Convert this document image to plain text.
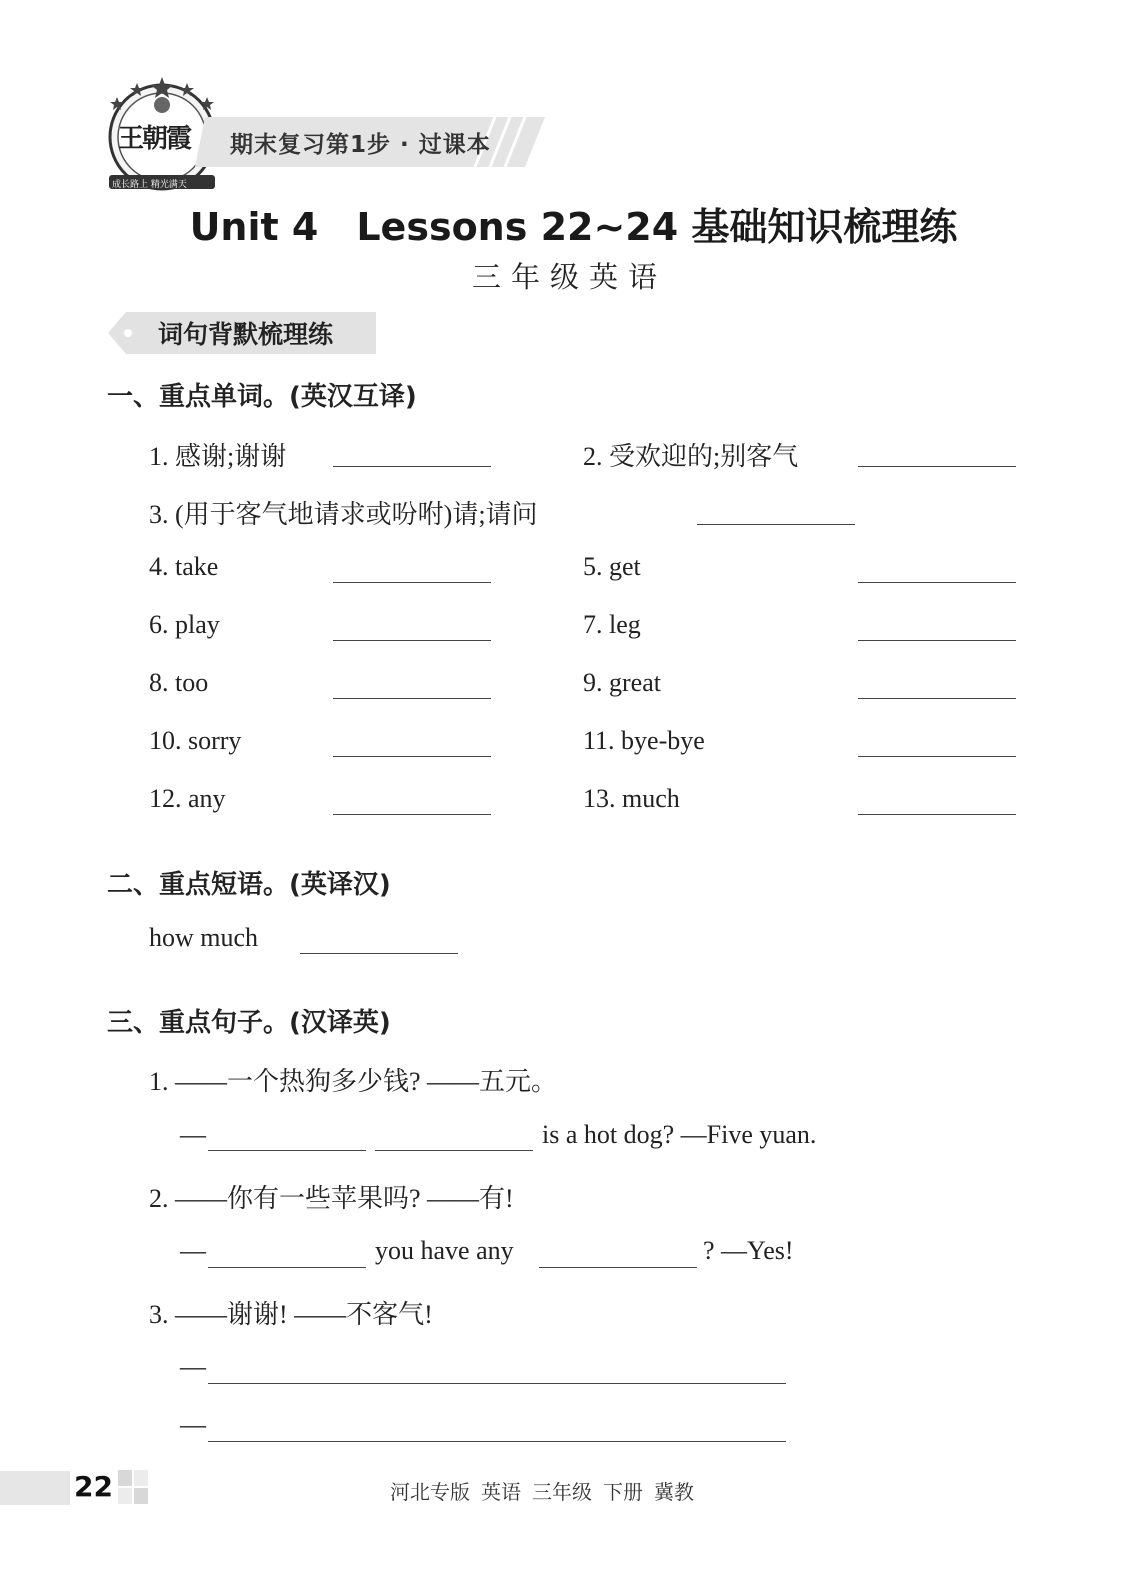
王朝霞
成长路上 精光满天
期末复习第1步 · 过课本
Unit 4　Lessons 22~24 基础知识梳理练
三年级英语
词句背默梳理练
一、重点单词。(英汉互译)
1. 感谢;谢谢	2. 受欢迎的;别客气
3. (用于客气地请求或吩咐)请;请问
4. take	5. get
6. play	7. leg
8. too	9. great
10. sorry	11. bye-bye
12. any	13. much
二、重点短语。(英译汉)
how much
三、重点句子。(汉译英)
1. ——一个热狗多少钱? ——五元。
—	is a hot dog? —Five yuan.
2. ——你有一些苹果吗? ——有!
—	you have any	? —Yes!
3. ——谢谢! ——不客气!
—
—
22	河北专版 英语 三年级 下册 冀教
